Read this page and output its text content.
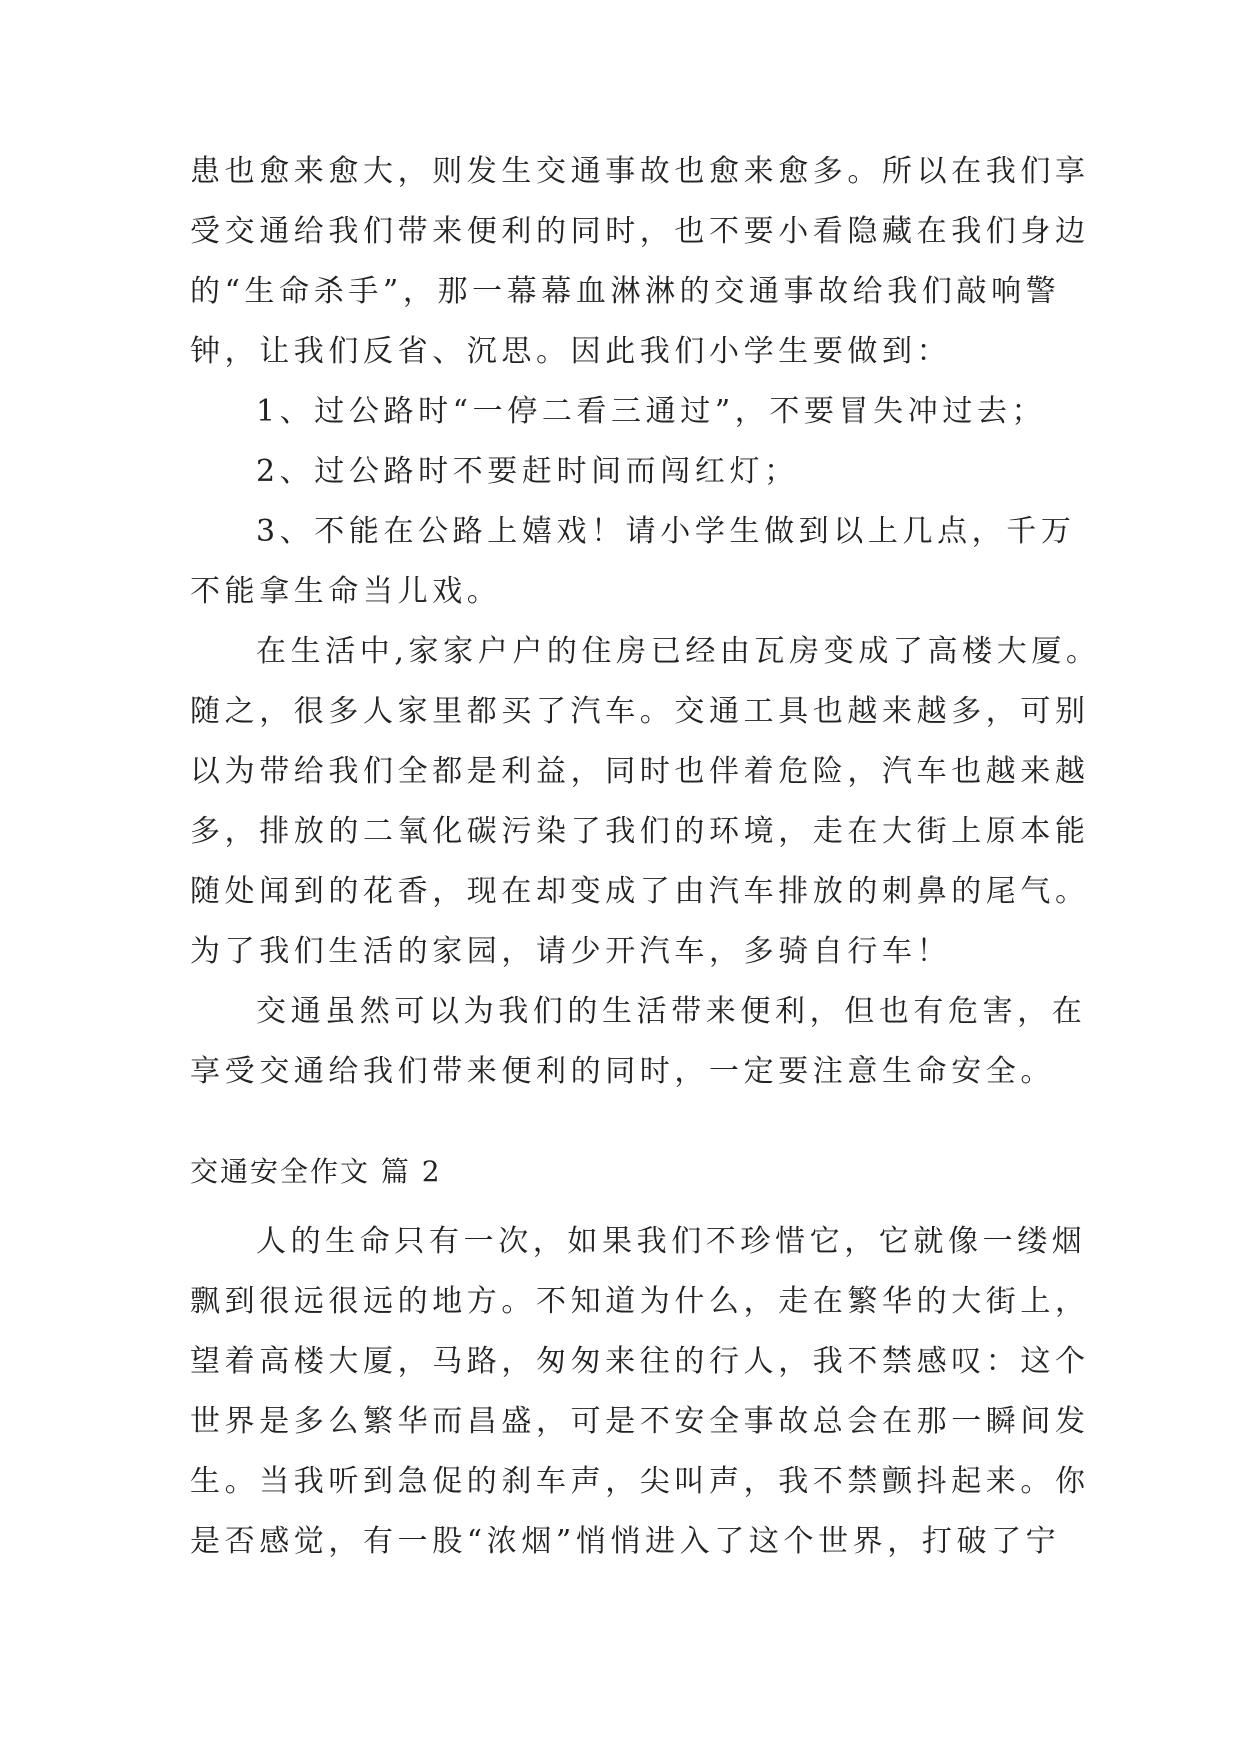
患也愈来愈大，则发生交通事故也愈来愈多。所以在我们享
受交通给我们带来便利的同时，也不要小看隐藏在我们身边
的“生命杀手”，那一幕幕血淋淋的交通事故给我们敲响警
钟，让我们反省、沉思。因此我们小学生要做到：
1、过公路时“一停二看三通过”，不要冒失冲过去；
2、过公路时不要赶时间而闯红灯；
3、不能在公路上嬉戏！请小学生做到以上几点，千万
不能拿生命当儿戏。
在生活中,家家户户的住房已经由瓦房变成了高楼大厦。
随之，很多人家里都买了汽车。交通工具也越来越多，可别
以为带给我们全都是利益，同时也伴着危险，汽车也越来越
多，排放的二氧化碳污染了我们的环境，走在大街上原本能
随处闻到的花香，现在却变成了由汽车排放的刺鼻的尾气。
为了我们生活的家园，请少开汽车，多骑自行车！
交通虽然可以为我们的生活带来便利，但也有危害，在
享受交通给我们带来便利的同时，一定要注意生命安全。
交通安全作文 篇 2
人的生命只有一次，如果我们不珍惜它，它就像一缕烟
飘到很远很远的地方。不知道为什么，走在繁华的大街上，
望着高楼大厦，马路，匆匆来往的行人，我不禁感叹：这个
世界是多么繁华而昌盛，可是不安全事故总会在那一瞬间发
生。当我听到急促的刹车声，尖叫声，我不禁颤抖起来。你
是否感觉，有一股“浓烟”悄悄进入了这个世界，打破了宁
